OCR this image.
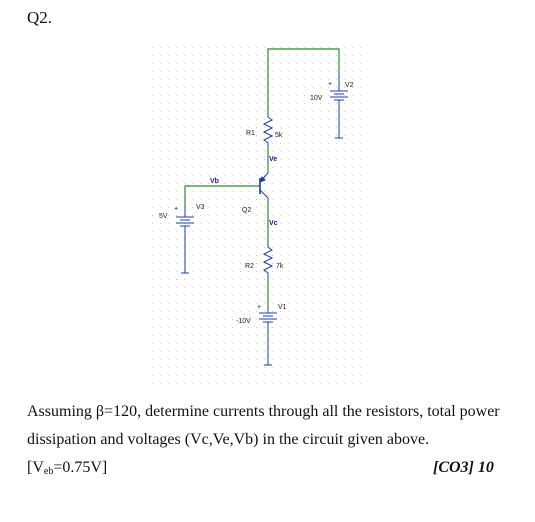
Q2.
+
+
+
V2
10V
R1	5k
Ve
Vb
V3	Q2
5V
Vc
R2	7k
V1
-10V

Assuming β=120, determine currents through all the resistors, total power dissipation and voltages (Vc,Ve,Vb) in the circuit given $above.[V_{eb}=0.75V]$	[CO3] 10
